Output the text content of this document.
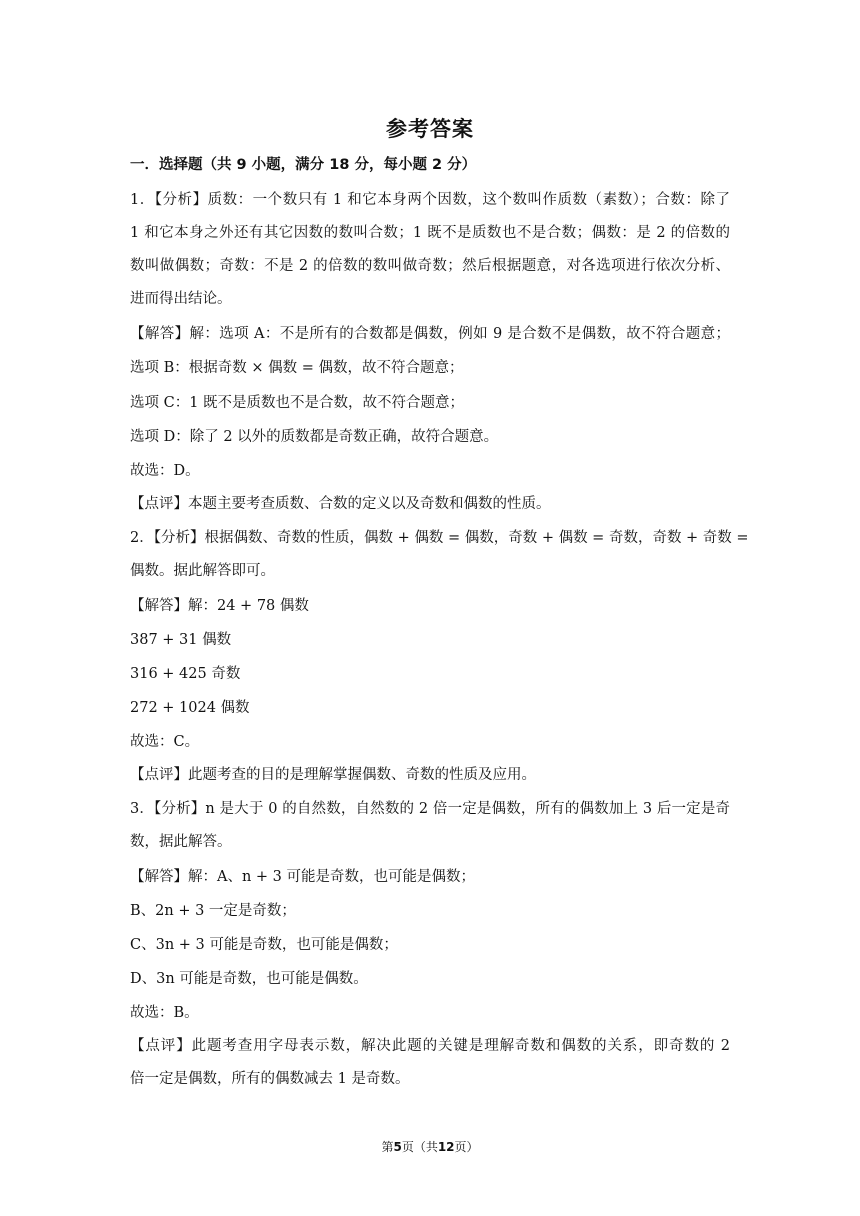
参考答案
一．选择题（共 9 小题，满分 18 分，每小题 2 分）
1．【分析】质数：一个数只有 1 和它本身两个因数，这个数叫作质数（素数）；合数：除了
1 和它本身之外还有其它因数的数叫合数；1 既不是质数也不是合数；偶数：是 2 的倍数的
数叫做偶数；奇数：不是 2 的倍数的数叫做奇数；然后根据题意，对各选项进行依次分析、
进而得出结论。
【解答】解：选项 A：不是所有的合数都是偶数，例如 9 是合数不是偶数，故不符合题意；
选项 B：根据奇数 × 偶数 = 偶数，故不符合题意；
选项 C：1 既不是质数也不是合数，故不符合题意；
选项 D：除了 2 以外的质数都是奇数正确，故符合题意。
故选：D。
【点评】本题主要考查质数、合数的定义以及奇数和偶数的性质。
2．【分析】根据偶数、奇数的性质，偶数 + 偶数 = 偶数，奇数 + 偶数 = 奇数，奇数 + 奇数 =
偶数。据此解答即可。
【解答】解：24 + 78 偶数
387 + 31 偶数
316 + 425 奇数
272 + 1024 偶数
故选：C。
【点评】此题考查的目的是理解掌握偶数、奇数的性质及应用。
3．【分析】n 是大于 0 的自然数，自然数的 2 倍一定是偶数，所有的偶数加上 3 后一定是奇
数，据此解答。
【解答】解：A、n + 3 可能是奇数，也可能是偶数；
B、2n + 3 一定是奇数；
C、3n + 3 可能是奇数，也可能是偶数；
D、3n 可能是奇数，也可能是偶数。
故选：B。
【点评】此题考查用字母表示数，解决此题的关键是理解奇数和偶数的关系，即奇数的 2
倍一定是偶数，所有的偶数减去 1 是奇数。
第5页（共12页）
